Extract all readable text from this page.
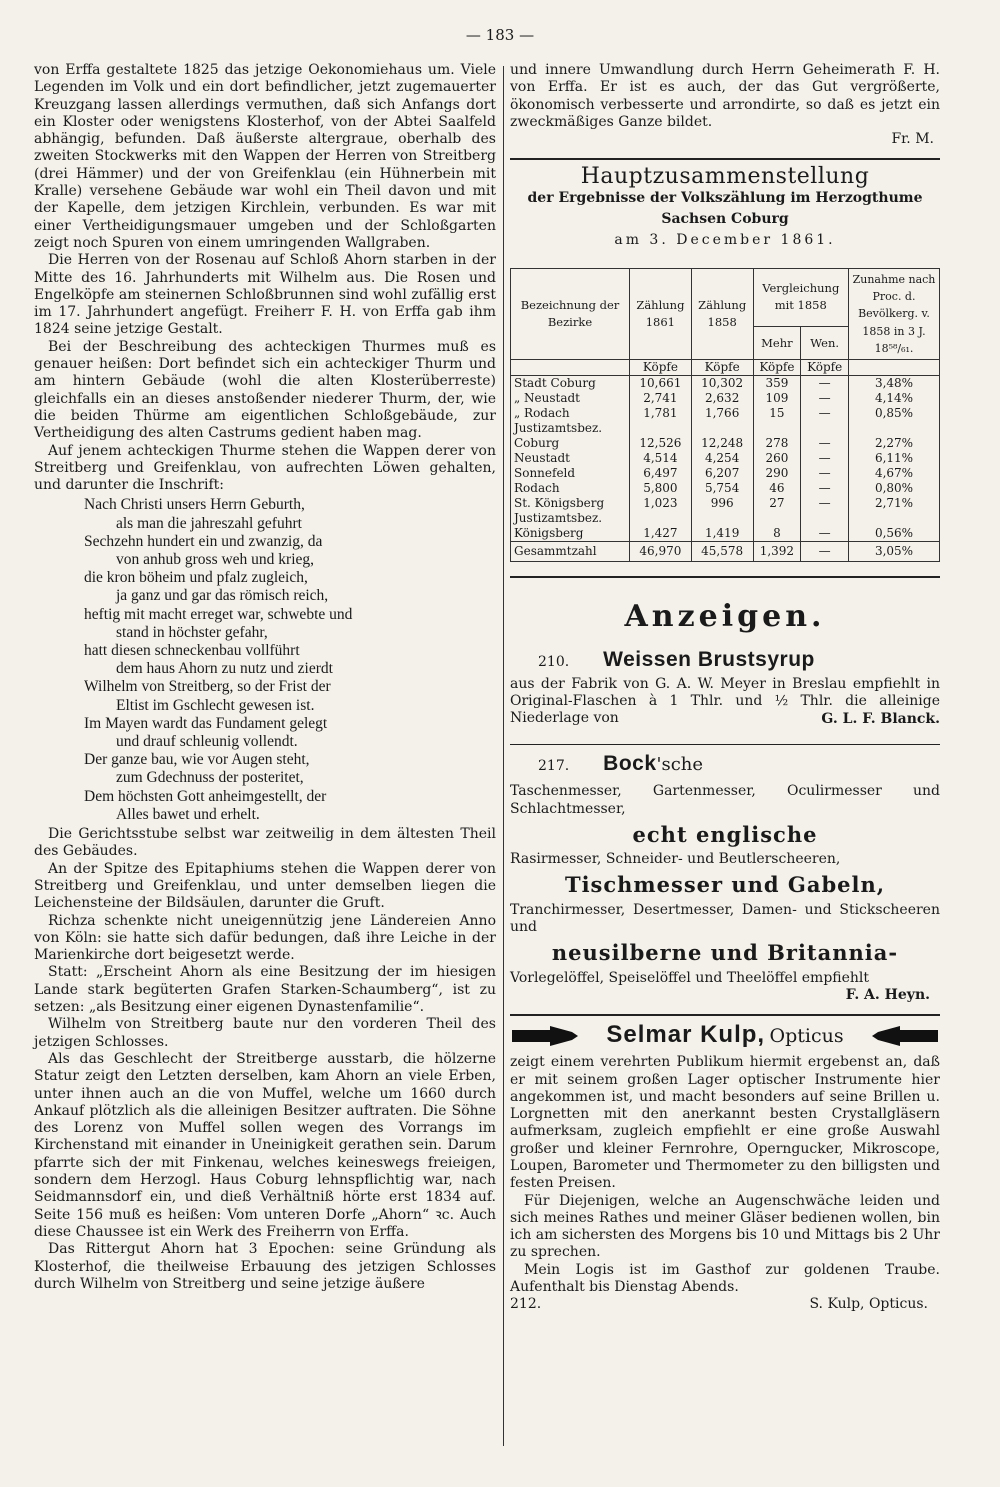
— 183 —

von Erffa gestaltete 1825 das jetzige Oekonomiehaus um. Viele Legenden im Volk und ein dort befindlicher, jetzt zugemauerter Kreuzgang lassen allerdings vermuthen, daß sich Anfangs dort ein Kloster oder wenigstens Klosterhof, von der Abtei Saalfeld abhängig, befunden. Daß äußerste altergraue, oberhalb des zweiten Stockwerks mit den Wappen der Herren von Streitberg (drei Hämmer) und der von Greifenklau (ein Hühnerbein mit Kralle) versehene Gebäude war wohl ein Theil davon und mit der Kapelle, dem jetzigen Kirchlein, verbunden. Es war mit einer Vertheidigungsmauer umgeben und der Schloßgarten zeigt noch Spuren von einem umringenden Wallgraben.

Die Herren von der Rosenau auf Schloß Ahorn starben in der Mitte des 16. Jahrhunderts mit Wilhelm aus. Die Rosen und Engelköpfe am steinernen Schloßbrunnen sind wohl zufällig erst im 17. Jahrhundert angefügt. Freiherr F. H. von Erffa gab ihm 1824 seine jetzige Gestalt.

Bei der Beschreibung des achteckigen Thurmes muß es genauer heißen: Dort befindet sich ein achteckiger Thurm und am hintern Gebäude (wohl die alten Klosterüberreste) gleichfalls ein an dieses anstoßender niederer Thurm, der, wie die beiden Thürme am eigentlichen Schloßgebäude, zur Vertheidigung des alten Castrums gedient haben mag.

Auf jenem achteckigen Thurme stehen die Wappen derer von Streitberg und Greifenklau, von aufrechten Löwen gehalten, und darunter die Inschrift:

Nach Christi unsers Herrn Geburth,
als man die jahreszahl gefuhrt
Sechzehn hundert ein und zwanzig, da
von anhub gross weh und krieg,
die kron böheim und pfalz zugleich,
ja ganz und gar das römisch reich,
heftig mit macht erreget war, schwebte und
stand in höchster gefahr,
hatt diesen schneckenbau vollführt
dem haus Ahorn zu nutz und zierdt
Wilhelm von Streitberg, so der Frist der
Eltist im Gschlecht gewesen ist.
Im Mayen wardt das Fundament gelegt
und drauf schleunig vollendt.
Der ganze bau, wie vor Augen steht,
zum Gdechnuss der posteritet,
Dem höchsten Gott anheimgestellt, der
Alles bawet und erhelt.

Die Gerichtsstube selbst war zeitweilig in dem ältesten Theil des Gebäudes.

An der Spitze des Epitaphiums stehen die Wappen derer von Streitberg und Greifenklau, und unter demselben liegen die Leichensteine der Bildsäulen, darunter die Gruft.

Richza schenkte nicht uneigennützig jene Ländereien Anno von Köln: sie hatte sich dafür bedungen, daß ihre Leiche in der Marienkirche dort beigesetzt werde.

Statt: „Erscheint Ahorn als eine Besitzung der im hiesigen Lande stark begüterten Grafen Starken-Schaumberg“, ist zu setzen: „als Besitzung einer eigenen Dynastenfamilie“.

Wilhelm von Streitberg baute nur den vorderen Theil des jetzigen Schlosses.

Als das Geschlecht der Streitberge ausstarb, die hölzerne Statur zeigt den Letzten derselben, kam Ahorn an viele Erben, unter ihnen auch an die von Muffel, welche um 1660 durch Ankauf plötzlich als die alleinigen Besitzer auftraten. Die Söhne des Lorenz von Muffel sollen wegen des Vorrangs im Kirchenstand mit einander in Uneinigkeit gerathen sein. Darum pfarrte sich der mit Finkenau, welches keineswegs freieigen, sondern dem Herzogl. Haus Coburg lehnspflichtig war, nach Seidmannsdorf ein, und dieß Verhältniß hörte erst 1834 auf. Seite 156 muß es heißen: Vom unteren Dorfe „Ahorn“ ꝛc. Auch diese Chaussee ist ein Werk des Freiherrn von Erffa.

Das Rittergut Ahorn hat 3 Epochen: seine Gründung als Klosterhof, die theilweise Erbauung des jetzigen Schlosses durch Wilhelm von Streitberg und seine jetzige äußere

und innere Umwandlung durch Herrn Geheimerath F. H. von Erffa. Er ist es auch, der das Gut vergrößerte, ökonomisch verbesserte und arrondirte, so daß es jetzt ein zweckmäßiges Ganze bildet.

Fr. M.
Hauptzusammenstellung
der Ergebnisse der Volkszählung im Herzogthume
Sachsen Coburg
am 3. December 1861.
Bezeichnung der Bezirke	Zählung 1861	Zählung 1858	Vergleichung mit 1858		Zunahme nach Proc. d. Bevölkerg. v. 1858 in 3 J. 18⁵⁸/₆₁.
			Mehr	Wen.	
	Köpfe	Köpfe	Köpfe	Köpfe	
Stadt Coburg	10,661	10,302	359	—	3,48%
„ Neustadt	2,741	2,632	109	—	4,14%
„ Rodach	1,781	1,766	15	—	0,85%
Justizamtsbez.					
Coburg	12,526	12,248	278	—	2,27%
Neustadt	4,514	4,254	260	—	6,11%
Sonnefeld	6,497	6,207	290	—	4,67%
Rodach	5,800	5,754	46	—	0,80%
St. Königsberg	1,023	996	27	—	2,71%
Justizamtsbez.					
Königsberg	1,427	1,419	8	—	0,56%
Gesammtzahl	46,970	45,578	1,392	—	3,05%
Anzeigen.
210. Weissen Brustsyrup

aus der Fabrik von G. A. W. Meyer in Breslau empfiehlt in Original-Flaschen à 1 Thlr. und ½ Thlr. die alleinige Niederlage von	G. L. F. Blanck.
217. Bock'sche

Taschenmesser, Gartenmesser, Oculirmesser und Schlachtmesser,

echt englische

Rasirmesser, Schneider- und Beutlerscheeren,

Tischmesser und Gabeln,

Tranchirmesser, Desertmesser, Damen- und Stickscheeren und

neusilberne und Britannia-

Vorlegelöffel, Speiselöffel und Theelöffel empfiehlt

F. A. Heyn.
Selmar Kulp, Opticus

zeigt einem verehrten Publikum hiermit ergebenst an, daß er mit seinem großen Lager optischer Instrumente hier angekommen ist, und macht besonders auf seine Brillen u. Lorgnetten mit den anerkannt besten Crystallgläsern aufmerksam, zugleich empfiehlt er eine große Auswahl großer und kleiner Fernrohre, Operngucker, Mikroscope, Loupen, Barometer und Thermometer zu den billigsten und festen Preisen.

Für Diejenigen, welche an Augenschwäche leiden und sich meines Rathes und meiner Gläser bedienen wollen, bin ich am sichersten des Morgens bis 10 und Mittags bis 2 Uhr zu sprechen.

Mein Logis ist im Gasthof zur goldenen Traube. Aufenthalt bis Dienstag Abends.

212.	S. Kulp, Opticus.
